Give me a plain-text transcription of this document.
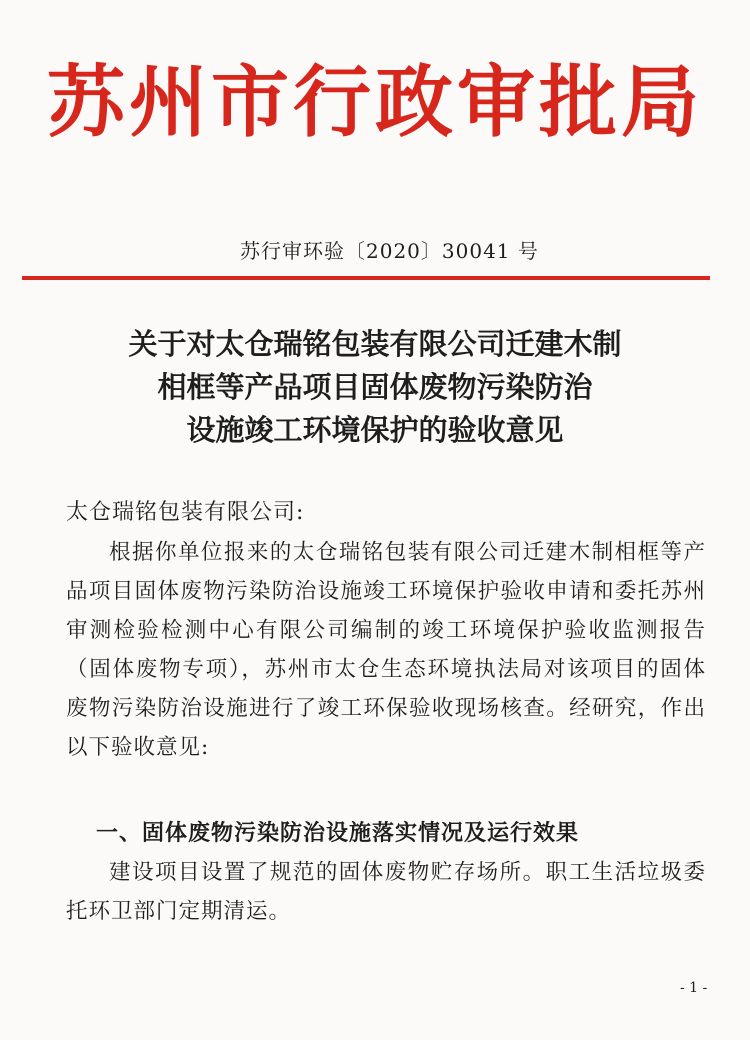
苏州市行政审批局
苏行审环验〔2020〕30041 号
关于对太仓瑞铭包装有限公司迁建木制
相框等产品项目固体废物污染防治
设施竣工环境保护的验收意见
太仓瑞铭包装有限公司:

根据你单位报来的太仓瑞铭包装有限公司迁建木制相框等产品项目固体废物污染防治设施竣工环境保护验收申请和委托苏州审测检验检测中心有限公司编制的竣工环境保护验收监测报告（固体废物专项），苏州市太仓生态环境执法局对该项目的固体废物污染防治设施进行了竣工环保验收现场核查。经研究，作出以下验收意见:

一、固体废物污染防治设施落实情况及运行效果

建设项目设置了规范的固体废物贮存场所。职工生活垃圾委托环卫部门定期清运。

- 1 -
